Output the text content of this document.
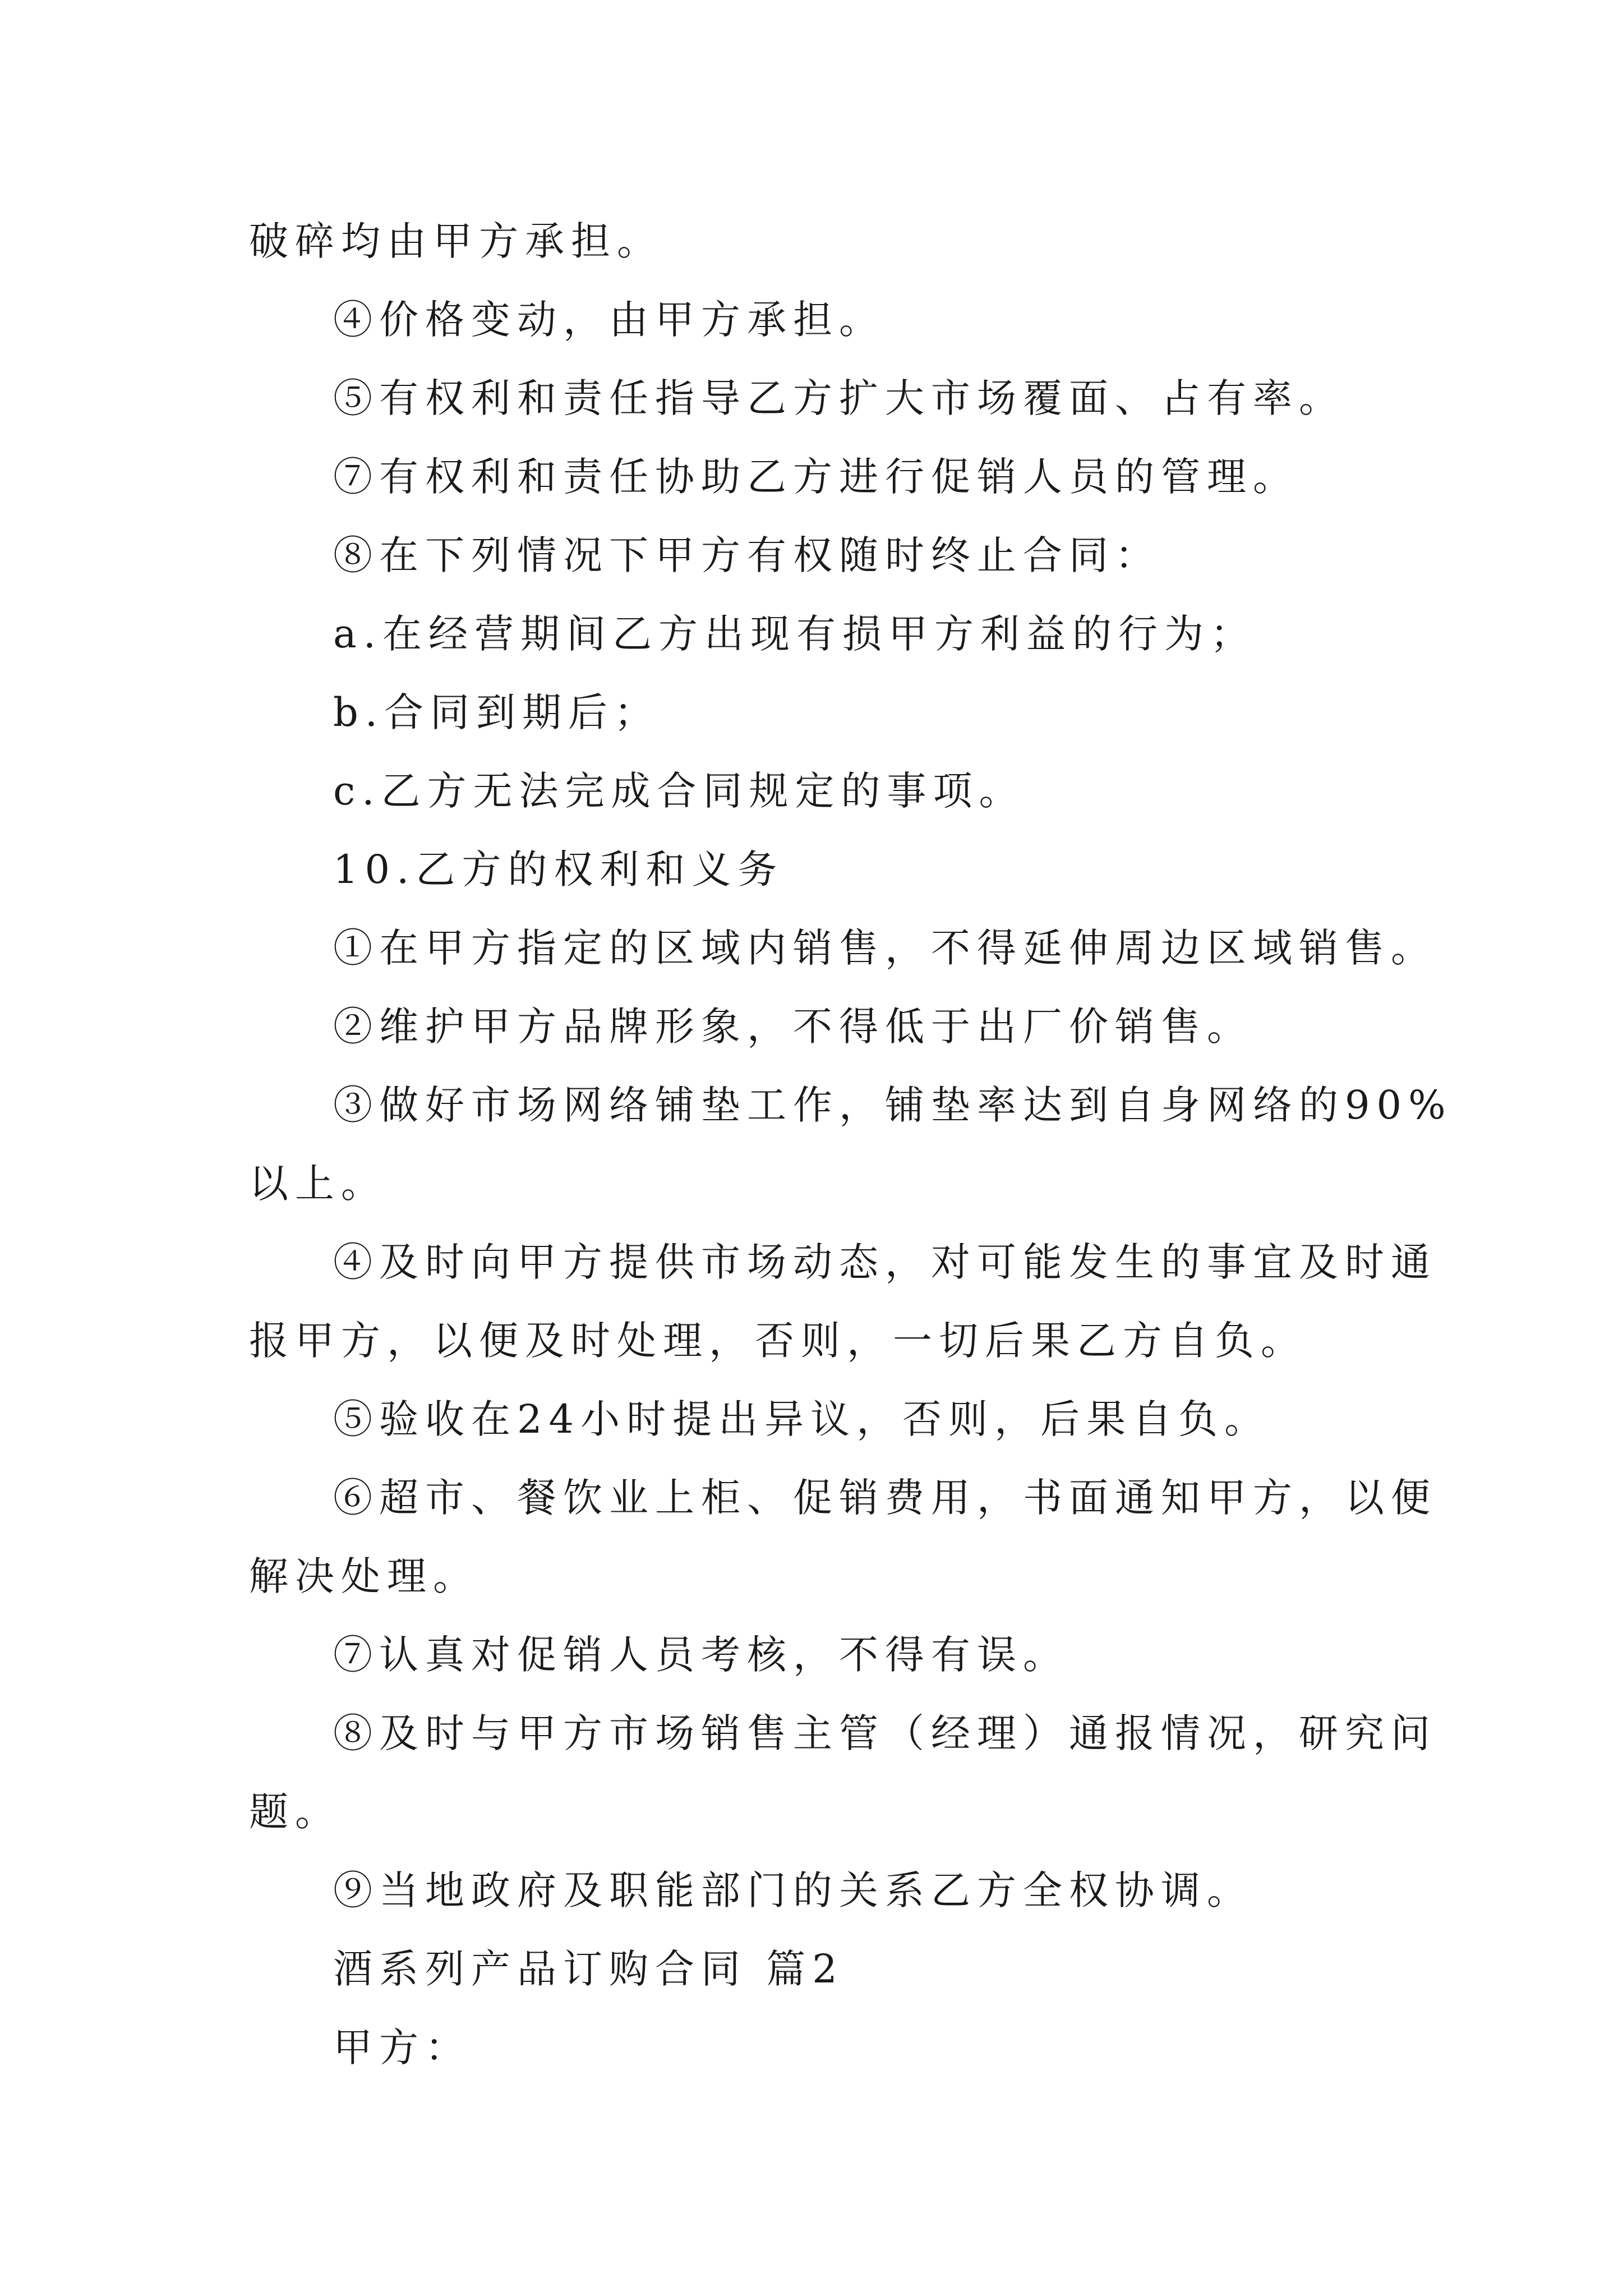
破碎均由甲方承担。
④价格变动，由甲方承担。
⑤有权利和责任指导乙方扩大市场覆面、占有率。
⑦有权利和责任协助乙方进行促销人员的管理。
⑧在下列情况下甲方有权随时终止合同：
a.在经营期间乙方出现有损甲方利益的行为；
b.合同到期后；
c.乙方无法完成合同规定的事项。
10.乙方的权利和义务
①在甲方指定的区域内销售，不得延伸周边区域销售。
②维护甲方品牌形象，不得低于出厂价销售。
③做好市场网络铺垫工作，铺垫率达到自身网络的90%
以上。
④及时向甲方提供市场动态，对可能发生的事宜及时通
报甲方，以便及时处理，否则，一切后果乙方自负。
⑤验收在24小时提出异议，否则，后果自负。
⑥超市、餐饮业上柜、促销费用，书面通知甲方，以便
解决处理。
⑦认真对促销人员考核，不得有误。
⑧及时与甲方市场销售主管（经理）通报情况，研究问
题。
⑨当地政府及职能部门的关系乙方全权协调。
酒系列产品订购合同 篇2
甲方：
